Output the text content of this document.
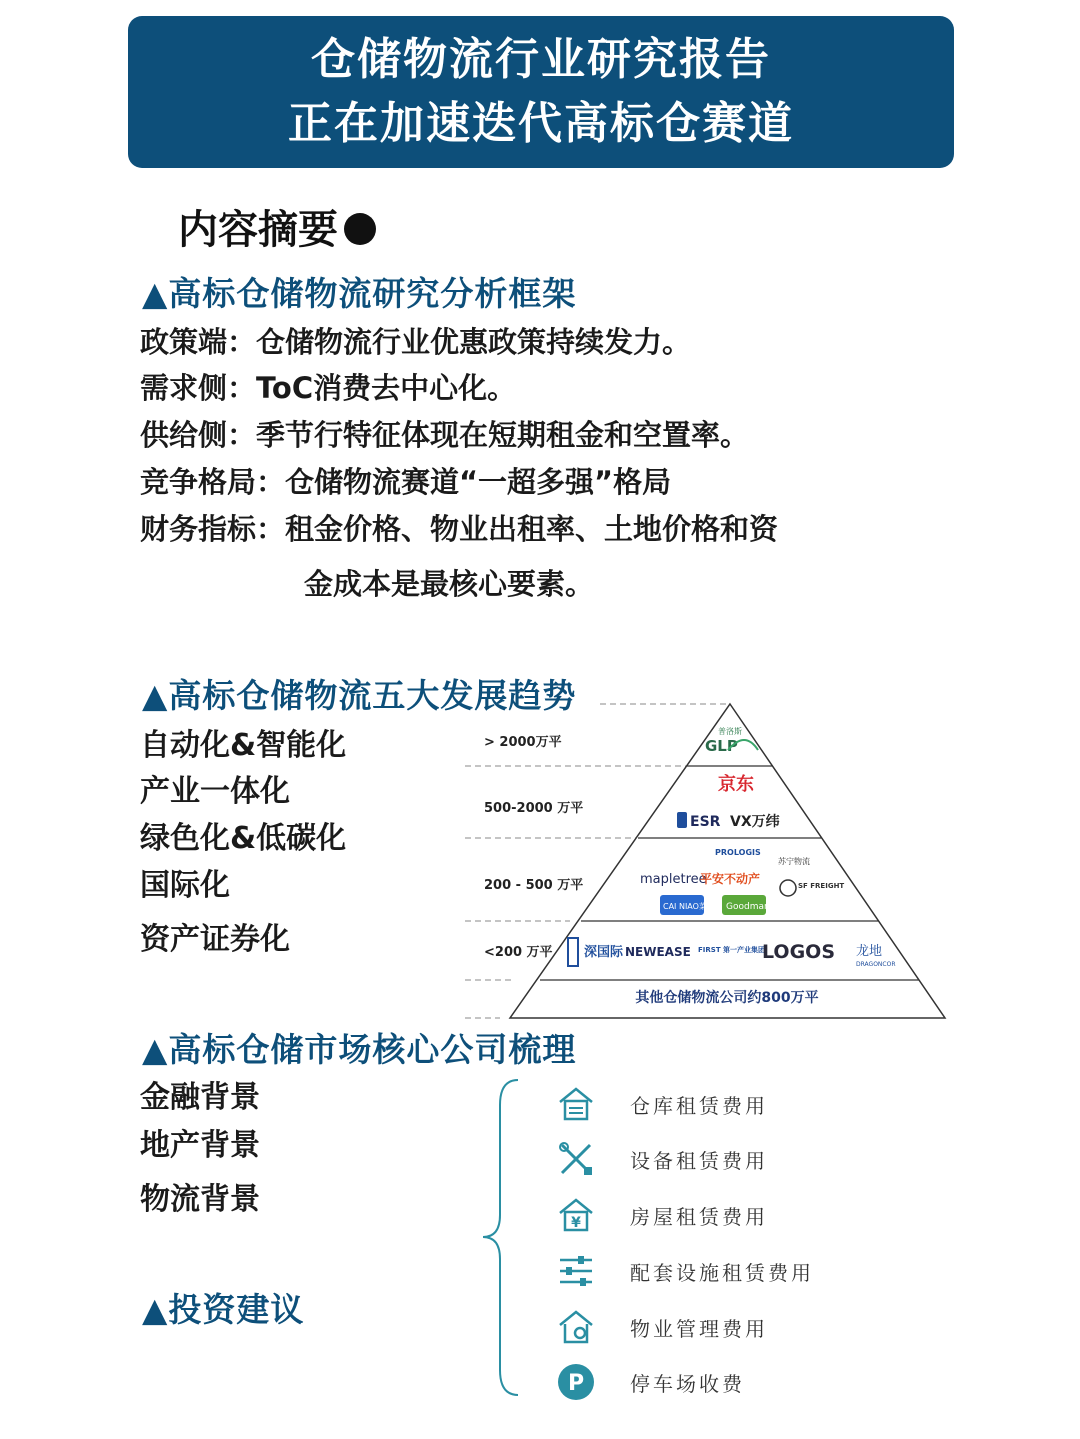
仓储物流行业研究报告
正在加速迭代高标仓赛道
内容摘要
▲高标仓储物流研究分析框架
政策端：仓储物流行业优惠政策持续发力。
需求侧：ToC消费去中心化。
供给侧：季节行特征体现在短期租金和空置率。
竞争格局：仓储物流赛道“一超多强”格局
财务指标：租金价格、物业出租率、土地价格和资
金成本是最核心要素。
▲高标仓储物流五大发展趋势
自动化&智能化
产业一体化
绿色化&低碳化
国际化
资产证券化
> 2000万平
500-2000 万平
200 - 500 万平
<200 万平
普洛斯
GLP
京东
ESR VX万纬
PROLOGIS
mapletree
平安不动产	SF FREIGHT
CAI NIAO菜鸟 Goodman
苏宁物流
深国际 NEWEASE FIRST 第一产业集团
LOGOS 龙地
DRAGONCOR
其他仓储物流公司约800万平
▲高标仓储市场核心公司梳理
金融背景
地产背景
物流背景
▲投资建议
仓库租赁费用
设备租赁费用
¥ 房屋租赁费用
配套设施租赁费用
物业管理费用
P 停车场收费
